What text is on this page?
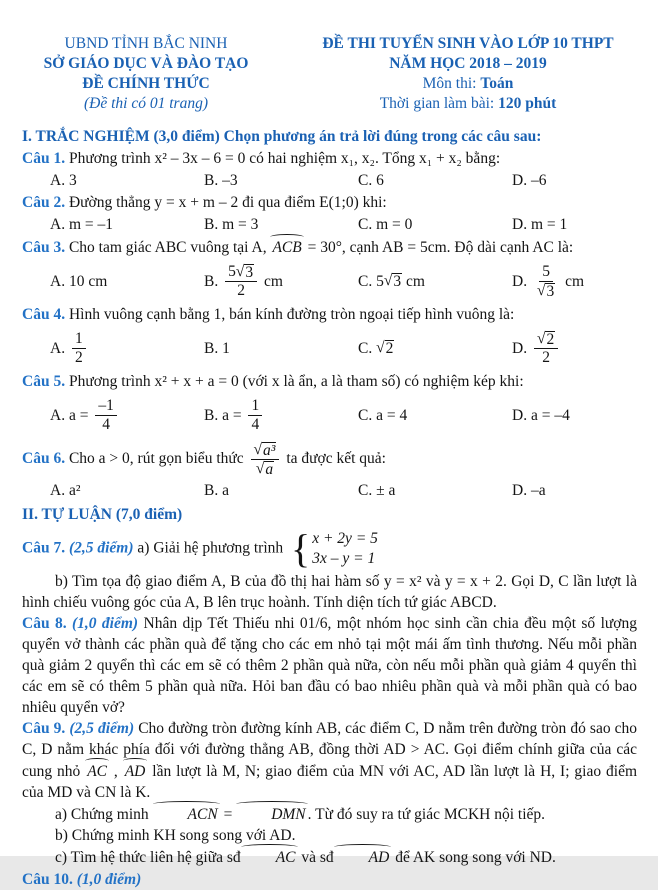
UBND TỈNH BẮC NINH
SỞ GIÁO DỤC VÀ ĐÀO TẠO
ĐỀ CHÍNH THỨC
(Đề thi có 01 trang)
ĐỀ THI TUYỂN SINH VÀO LỚP 10 THPT
NĂM HỌC 2018 – 2019
Môn thi: Toán
Thời gian làm bài: 120 phút
I. TRẮC NGHIỆM (3,0 điểm) Chọn phương án trả lời đúng trong các câu sau:

Câu 1. Phương trình x² – 3x – 6 = 0 có hai nghiệm x₁, x₂. Tổng x₁ + x₂ bằng:

A. 3	B. –3	C. 6	D. –6

Câu 2. Đường thẳng y = x + m – 2 đi qua điểm E(1;0) khi:

A. m = –1	B. m = 3	C. m = 0	D. m = 1

Câu 3. Cho tam giác ABC vuông tại A, ACB = 30°, cạnh AB = 5cm. Độ dài cạnh AC là:

A. 10 cm	B.
$\frac{5 √ 3}{2}$
cm	C.
5 √ 3
cm	D.
$\frac{5}{√ 3}$
cm

Câu 4. Hình vuông cạnh bằng 1, bán kính đường tròn ngoại tiếp hình vuông là:

A.
$\frac{1}{2}$	B. 1	C.
√ 2	D.
$\frac{√ 2}{2}$

Câu 5. Phương trình x² + x + a = 0 (với x là ẩn, a là tham số) có nghiệm kép khi:

A. a =
$\frac{-1}{4}$	B. a =
$\frac{1}{4}$	C. a = 4	D. a = –4

Câu 6. Cho a > 0, rút gọn biểu thức $\frac{\text{√ a³}}{√ a}$ ta được kết quả:

A. a²	B. a	C. ± a	D. –a
II. TỰ LUẬN (7,0 điểm)

Câu 7. (2,5 điểm) a) Giải hệ phương trình { x + 2y = 5
3x – y = 1

b) Tìm tọa độ giao điểm A, B của đồ thị hai hàm số y = x² và y = x + 2. Gọi D, C lần lượt là hình chiếu vuông góc của A, B lên trục hoành. Tính diện tích tứ giác ABCD.

Câu 8. (1,0 điểm) Nhân dịp Tết Thiếu nhi 01/6, một nhóm học sinh cần chia đều một số lượng quyển vở thành các phần quà để tặng cho các em nhỏ tại một mái ấm tình thương. Nếu mỗi phần quà giảm 2 quyển thì các em sẽ có thêm 2 phần quà nữa, còn nếu mỗi phần quà giảm 4 quyển thì các em sẽ có thêm 5 phần quà nữa. Hỏi ban đầu có bao nhiêu phần quà và mỗi phần quà có bao nhiêu quyển vở?

Câu 9. (2,5 điểm) Cho đường tròn đường kính AB, các điểm C, D nằm trên đường tròn đó sao cho C, D nằm khác phía đối với đường thẳng AB, đồng thời AD > AC. Gọi điểm chính giữa của các cung nhỏ AC , AD lần lượt là M, N; giao điểm của MN với AC, AD lần lượt là H, I; giao điểm của MD và CN là K.

a) Chứng minh ACN = DMN . Từ đó suy ra tứ giác MCKH nội tiếp.

b) Chứng minh KH song song với AD.

c) Tìm hệ thức liên hệ giữa sđ AC và sđ AD để AK song song với ND.

Câu 10. (1,0 điểm)
